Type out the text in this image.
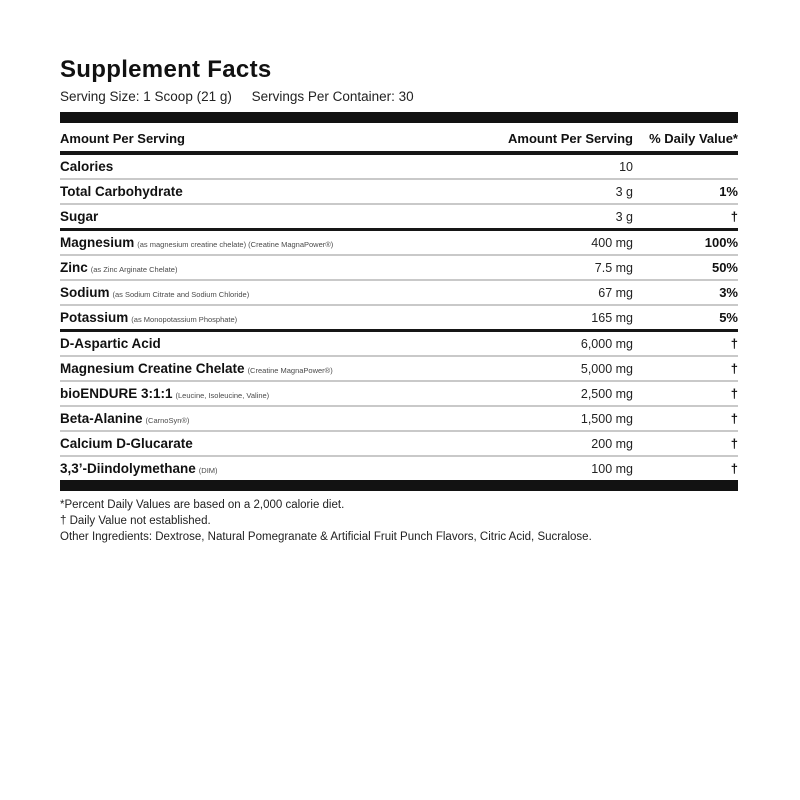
Supplement Facts
Serving Size: 1 Scoop (21 g) Servings Per Container: 30
Amount Per Serving	Amount Per Serving	% Daily Value*
Calories	10
Total Carbohydrate	3 g	1%
Sugar	3 g	†
Magnesium (as magnesium creatine chelate) (Creatine MagnaPower®)	400 mg	100%
Zinc (as Zinc Arginate Chelate)	7.5 mg	50%
Sodium (as Sodium Citrate and Sodium Chloride)	67 mg	3%
Potassium (as Monopotassium Phosphate)	165 mg	5%
D-Aspartic Acid	6,000 mg	†
Magnesium Creatine Chelate (Creatine MagnaPower®)	5,000 mg	†
bioENDURE 3:1:1 (Leucine, Isoleucine, Valine)	2,500 mg	†
Beta-Alanine (CarnoSyn®)	1,500 mg	†
Calcium D-Glucarate	200 mg	†
3,3’-Diindolymethane (DIM)	100 mg	†
*Percent Daily Values are based on a 2,000 calorie diet.
† Daily Value not established.
Other Ingredients: Dextrose, Natural Pomegranate & Artificial Fruit Punch Flavors, Citric Acid, Sucralose.
